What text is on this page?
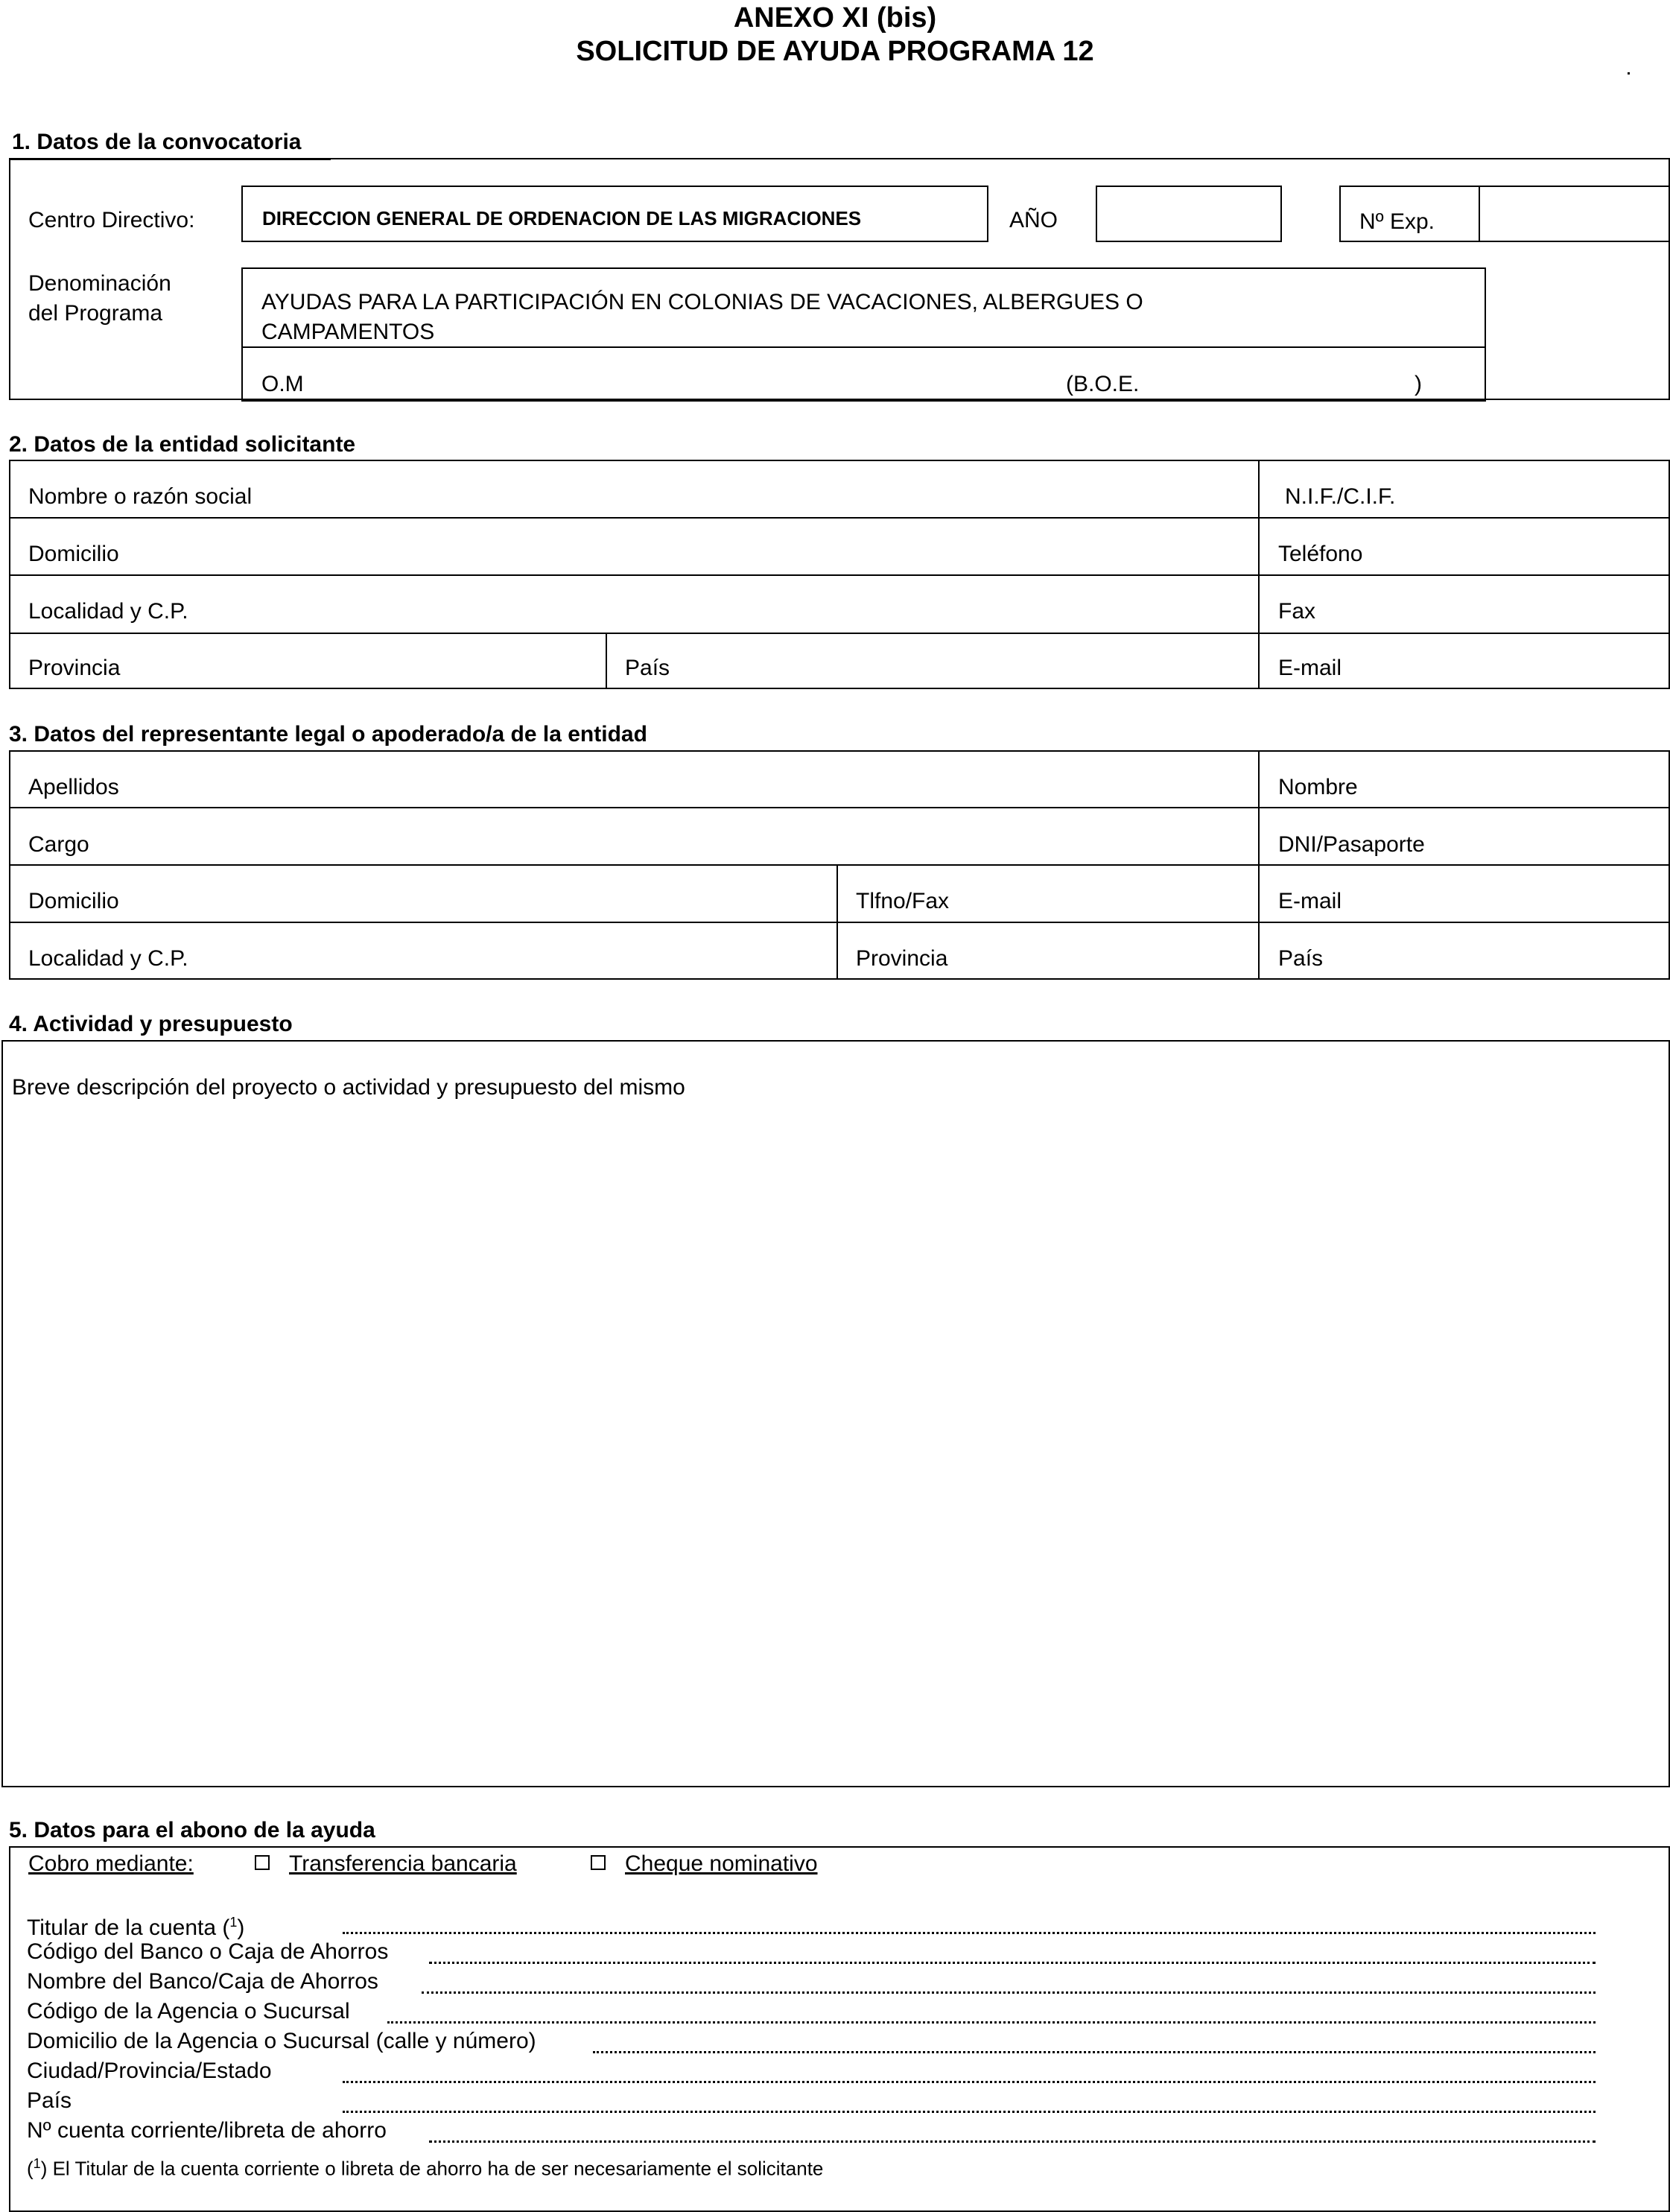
ANEXO XI (bis)
SOLICITUD DE AYUDA PROGRAMA 12
1. Datos de la convocatoria
Centro Directivo:	DIRECCION GENERAL DE ORDENACION DE LAS MIGRACIONES	AÑO	Nº Exp.
Denominación
del Programa	AYUDAS PARA LA PARTICIPACIÓN EN COLONIAS DE VACACIONES, ALBERGUES O
CAMPAMENTOS
O.M	(B.O.E.	)
2. Datos de la entidad solicitante
Nombre o razón social	N.I.F./C.I.F.
Domicilio	Teléfono
Localidad y C.P.	Fax
Provincia	País	E-mail
3. Datos del representante legal o apoderado/a de la entidad
Apellidos	Nombre
Cargo	DNI/Pasaporte
Domicilio	Tlfno/Fax	E-mail
Localidad y C.P.	Provincia	País
4. Actividad y presupuesto
Breve descripción del proyecto o actividad y presupuesto del mismo
5. Datos para el abono de la ayuda
Cobro mediante:	Transferencia bancaria	Cheque nominativo
Titular de la cuenta ($^1$)
Código del Banco o Caja de Ahorros
Nombre del Banco/Caja de Ahorros
Código de la Agencia o Sucursal
Domicilio de la Agencia o Sucursal (calle y número)
Ciudad/Provincia/Estado
País
Nº cuenta corriente/libreta de ahorro
($^1$) El Titular de la cuenta corriente o libreta de ahorro ha de ser necesariamente el solicitante
